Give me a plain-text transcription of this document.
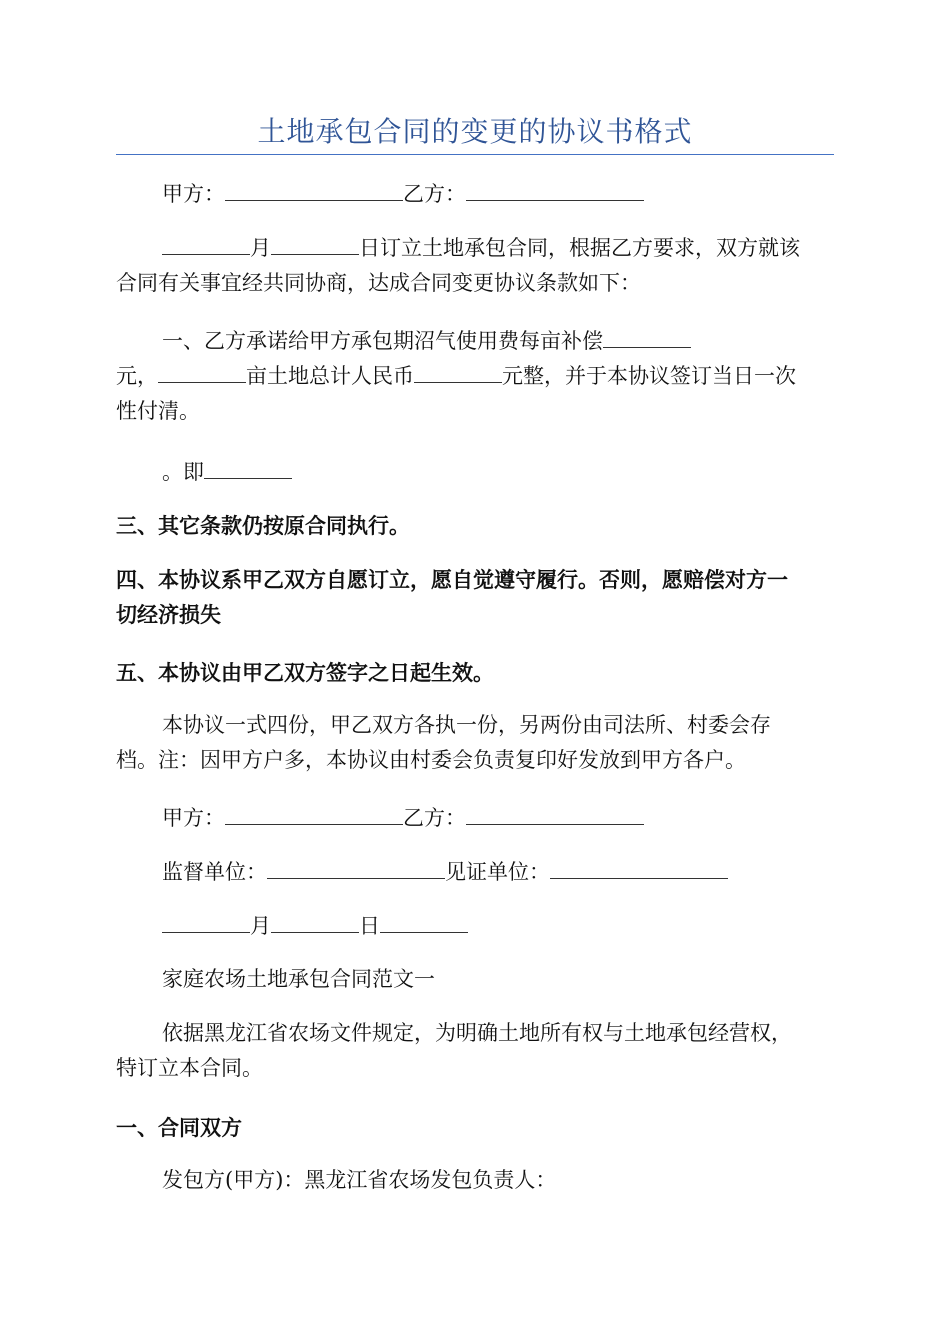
土地承包合同的变更的协议书格式
甲方：	乙方：
月	日订立土地承包合同，根据乙方要求，双方就该
合同有关事宜经共同协商，达成合同变更协议条款如下：
一、乙方承诺给甲方承包期沼气使用费每亩补偿
元，	亩土地总计人民币	元整，并于本协议签订当日一次
性付清。
。即
三、其它条款仍按原合同执行。
四、本协议系甲乙双方自愿订立，愿自觉遵守履行。否则，愿赔偿对方一
切经济损失
五、本协议由甲乙双方签字之日起生效。
本协议一式四份，甲乙双方各执一份，另两份由司法所、村委会存
档。注：因甲方户多，本协议由村委会负责复印好发放到甲方各户。
甲方：	乙方：
监督单位：	见证单位：
月	日
家庭农场土地承包合同范文一
依据黑龙江省农场文件规定，为明确土地所有权与土地承包经营权，
特订立本合同。
一、合同双方
发包方(甲方)：黑龙江省农场发包负责人：
